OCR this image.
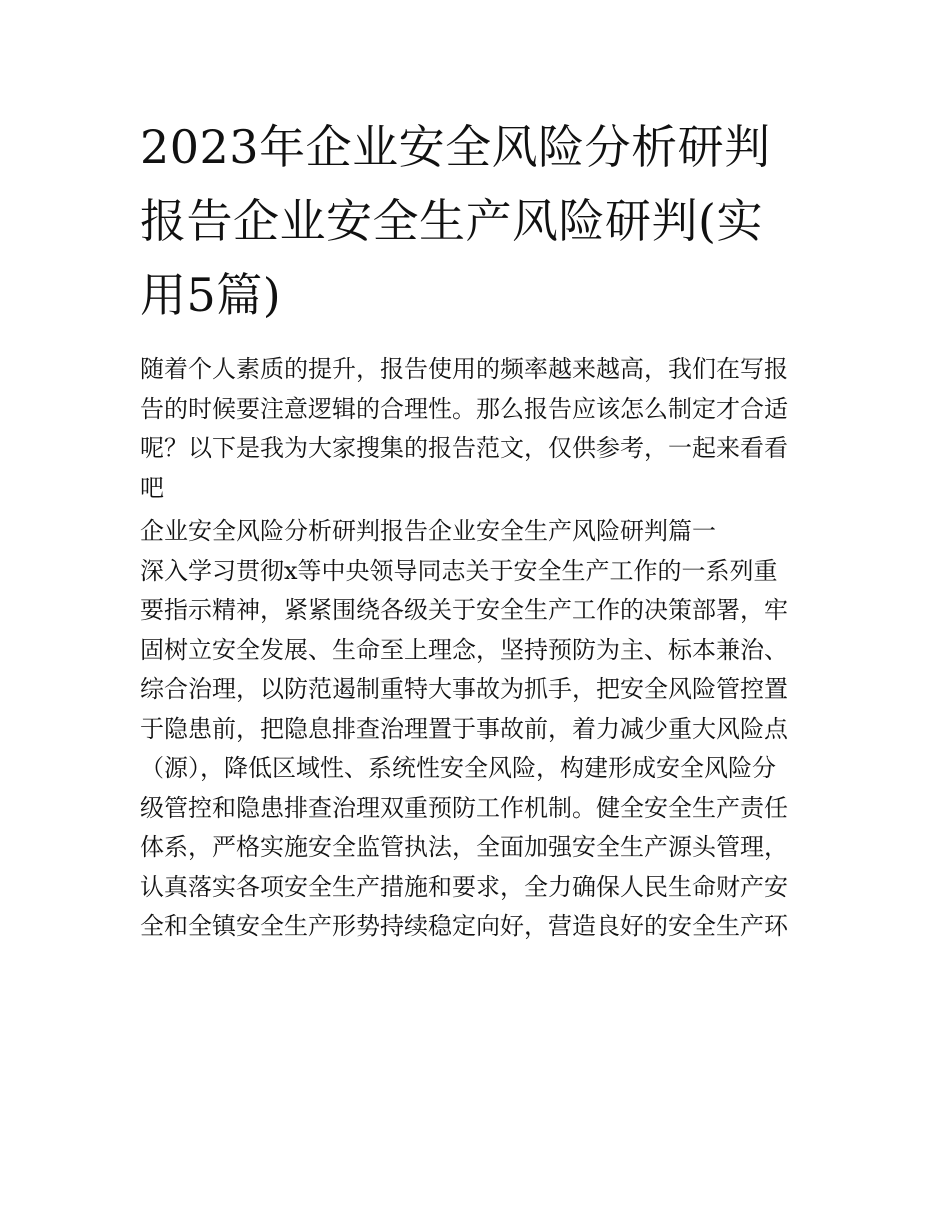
2023年企业安全风险分析研判
报告企业安全生产风险研判(实
用5篇)

随着个人素质的提升，报告使用的频率越来越高，我们在写报
告的时候要注意逻辑的合理性。那么报告应该怎么制定才合适
呢？以下是我为大家搜集的报告范文，仅供参考，一起来看看
吧

企业安全风险分析研判报告企业安全生产风险研判篇一

深入学习贯彻x等中央领导同志关于安全生产工作的一系列重
要指示精神，紧紧围绕各级关于安全生产工作的决策部署，牢
固树立安全发展、生命至上理念，坚持预防为主、标本兼治、
综合治理，以防范遏制重特大事故为抓手，把安全风险管控置
于隐患前，把隐息排查治理置于事故前，着力减少重大风险点
（源），降低区域性、系统性安全风险，构建形成安全风险分
级管控和隐患排查治理双重预防工作机制。健全安全生产责任
体系，严格实施安全监管执法，全面加强安全生产源头管理，
认真落实各项安全生产措施和要求，全力确保人民生命财产安
全和全镇安全生产形势持续稳定向好，营造良好的安全生产环
